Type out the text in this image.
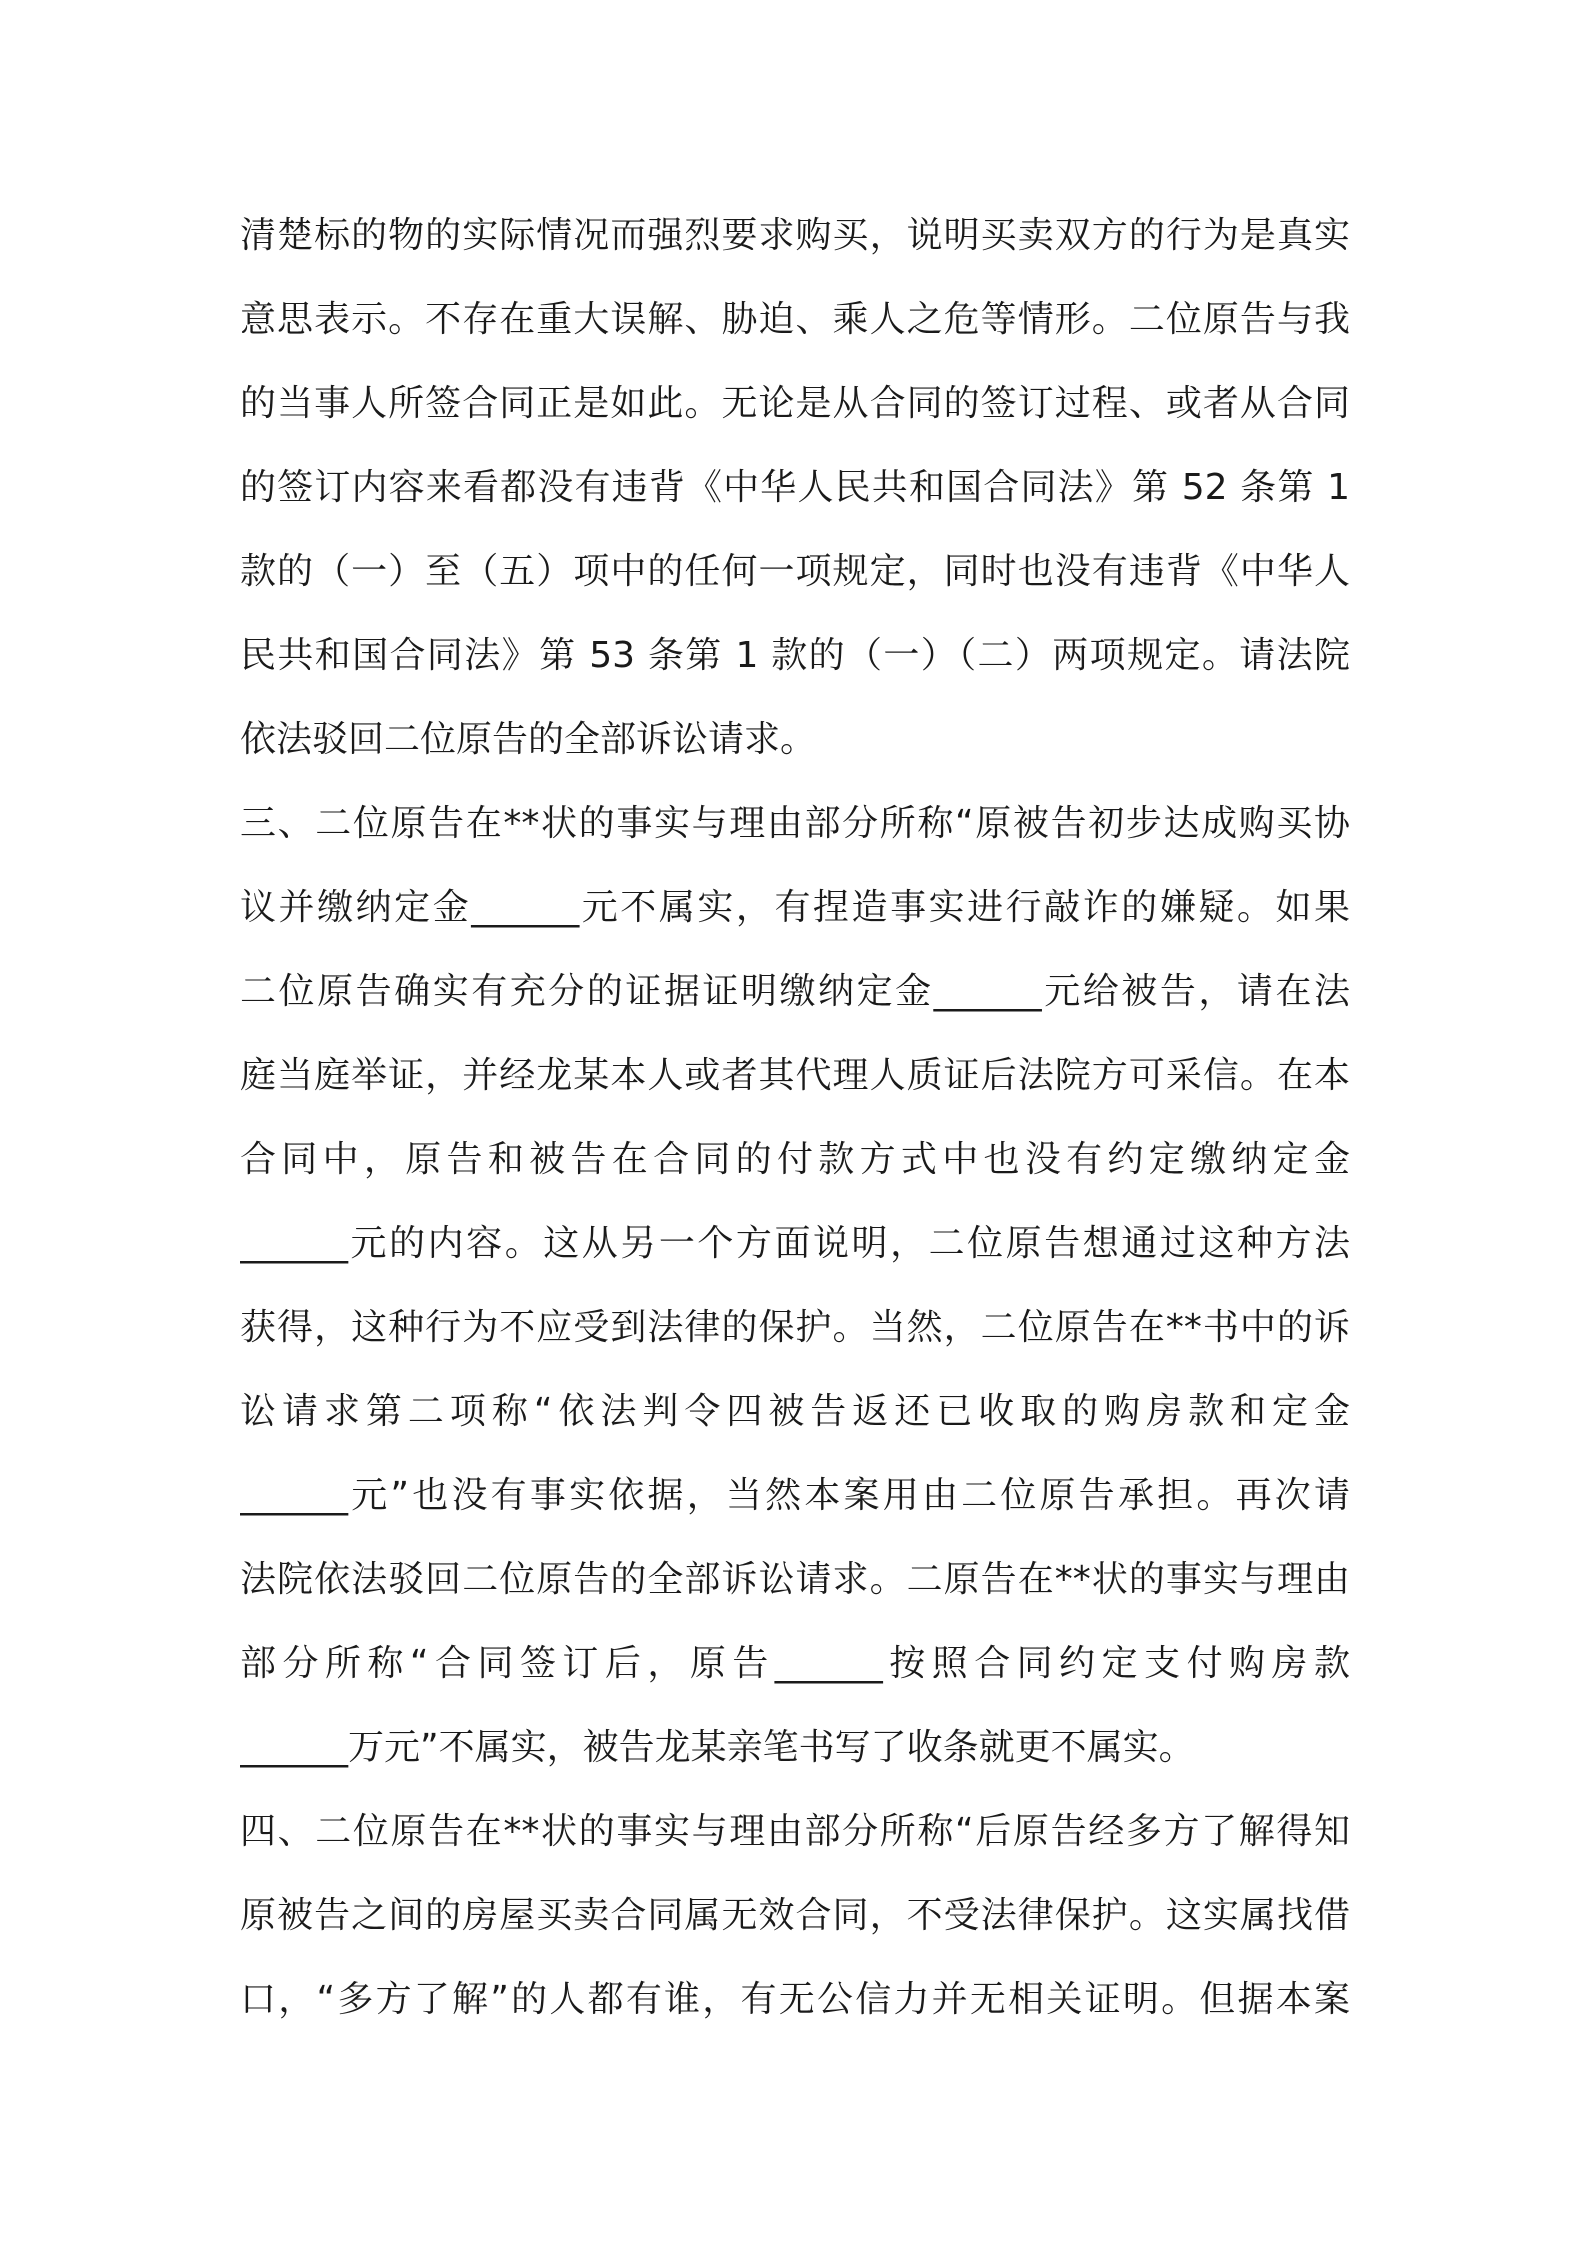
清楚标的物的实际情况而强烈要求购买，说明买卖双方的行为是真实
意思表示。不存在重大误解、胁迫、乘人之危等情形。二位原告与我
的当事人所签合同正是如此。无论是从合同的签订过程、或者从合同
的签订内容来看都没有违背《中华人民共和国合同法》第 52 条第 1
款的（一）至（五）项中的任何一项规定，同时也没有违背《中华人
民共和国合同法》第 53 条第 1 款的（一）（二）两项规定。请法院
依法驳回二位原告的全部诉讼请求。
三、二位原告在**状的事实与理由部分所称“原被告初步达成购买协
议并缴纳定金______元不属实，有捏造事实进行敲诈的嫌疑。如果
二位原告确实有充分的证据证明缴纳定金______元给被告，请在法
庭当庭举证，并经龙某本人或者其代理人质证后法院方可采信。在本
合同中，原告和被告在合同的付款方式中也没有约定缴纳定金
______元的内容。这从另一个方面说明，二位原告想通过这种方法
获得，这种行为不应受到法律的保护。当然，二位原告在**书中的诉
讼请求第二项称“依法判令四被告返还已收取的购房款和定金
______元”也没有事实依据，当然本案用由二位原告承担。再次请
法院依法驳回二位原告的全部诉讼请求。二原告在**状的事实与理由
部分所称“合同签订后，原告______按照合同约定支付购房款
______万元”不属实，被告龙某亲笔书写了收条就更不属实。
四、二位原告在**状的事实与理由部分所称“后原告经多方了解得知
原被告之间的房屋买卖合同属无效合同，不受法律保护。这实属找借
口，“多方了解”的人都有谁，有无公信力并无相关证明。但据本案
